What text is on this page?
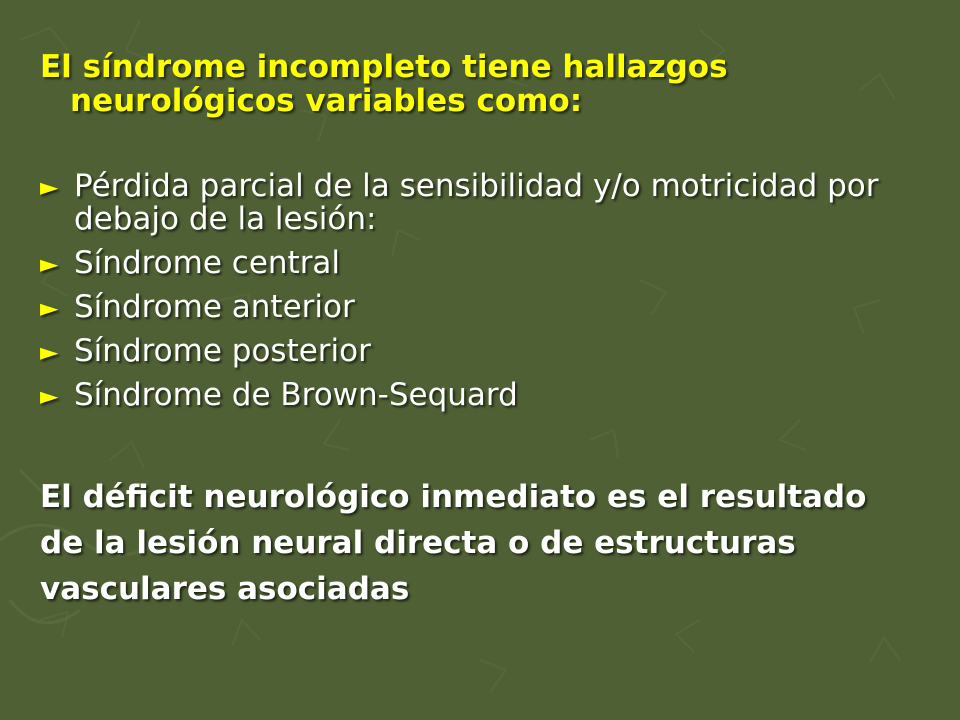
El síndrome incompleto tiene hallazgos neurológicos variables como:

► Pérdida parcial de la sensibilidad y/o motricidad por debajo de la lesión:
► Síndrome central
► Síndrome anterior
► Síndrome posterior
► Síndrome de Brown-Sequard

El déficit neurológico inmediato es el resultado de la lesión neural directa o de estructuras vasculares asociadas
